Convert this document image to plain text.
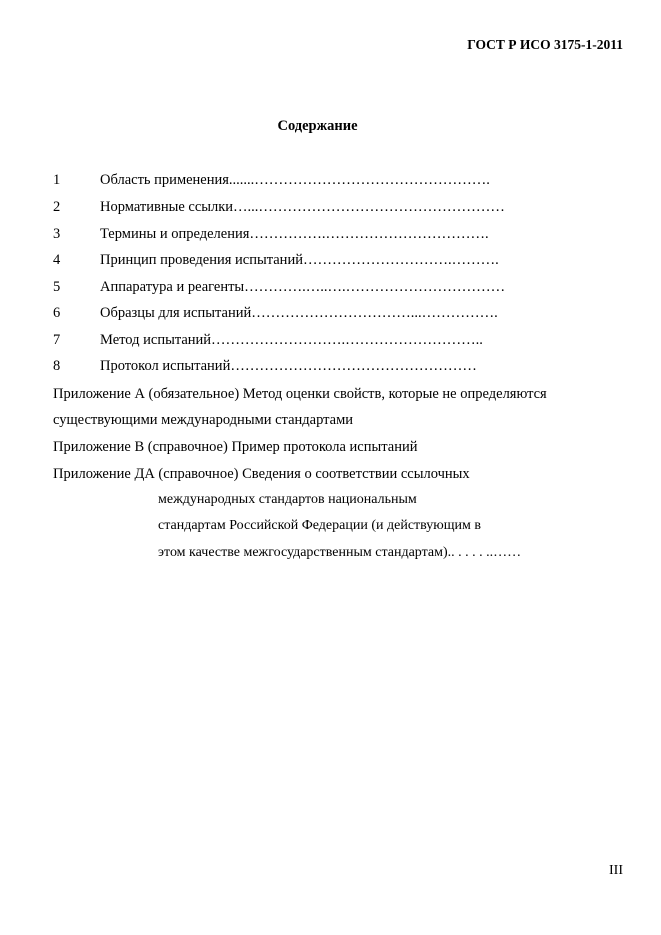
ГОСТ Р ИСО 3175-1-2011
Содержание
1	Область применения.......………………………………………….
2	Нормативные ссылки…...……………………………………………
3	Термины и определения…………….…………………………….
4	Принцип проведения испытаний………………………….……….
5	Аппаратура и реагенты………….…..….……………………………
6	Образцы для испытаний……………………………...…………….
7	Метод испытаний……………………….………………………..
8	Протокол испытаний……………………………………………
Приложение А (обязательное) Метод оценки свойств, которые не определяются
существующими международными стандартами
Приложение В (справочное) Пример протокола испытаний
Приложение ДА (справочное) Сведения о соответствии ссылочных
международных стандартов национальным
стандартам Российской Федерации (и действующим в
этом качестве межгосударственным стандартам).. . . . . ..……
III
